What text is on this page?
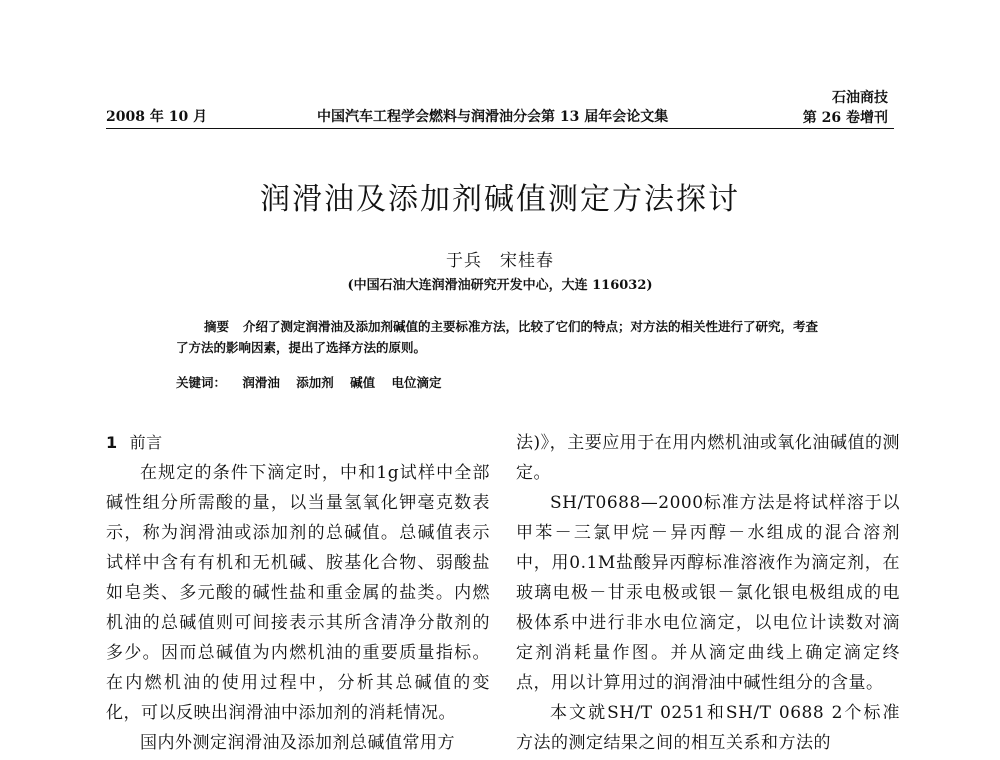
2008 年 10 月	中国汽车工程学会燃料与润滑油分会第 13 届年会论文集
石油商技
第 26 卷增刊
润滑油及添加剂碱值测定方法探讨
于兵 宋桂春
(中国石油大连润滑油研究开发中心，大连 116032)
摘要 介绍了测定润滑油及添加剂碱值的主要标准方法，比较了它们的特点；对方法的相关性进行了研究，考查了方法的影响因素，提出了选择方法的原则。
关键词： 润滑油 添加剂 碱值 电位滴定
1 前言

在规定的条件下滴定时，中和1g试样中全部碱性组分所需酸的量，以当量氢氧化钾毫克数表示，称为润滑油或添加剂的总碱值。总碱值表示试样中含有有机和无机碱、胺基化合物、弱酸盐如皂类、多元酸的碱性盐和重金属的盐类。内燃机油的总碱值则可间接表示其所含清净分散剂的多少。因而总碱值为内燃机油的重要质量指标。在内燃机油的使用过程中，分析其总碱值的变化，可以反映出润滑油中添加剂的消耗情况。

国内外测定润滑油及添加剂总碱值常用方

法)》，主要应用于在用内燃机油或氧化油碱值的测定。

SH/T0688—2000标准方法是将试样溶于以甲苯－三氯甲烷－异丙醇－水组成的混合溶剂中，用0.1M盐酸异丙醇标准溶液作为滴定剂，在玻璃电极－甘汞电极或银－氯化银电极组成的电极体系中进行非水电位滴定，以电位计读数对滴定剂消耗量作图。并从滴定曲线上确定滴定终点，用以计算用过的润滑油中碱性组分的含量。

本文就SH/T 0251和SH/T 0688 2个标准方法的测定结果之间的相互关系和方法的
